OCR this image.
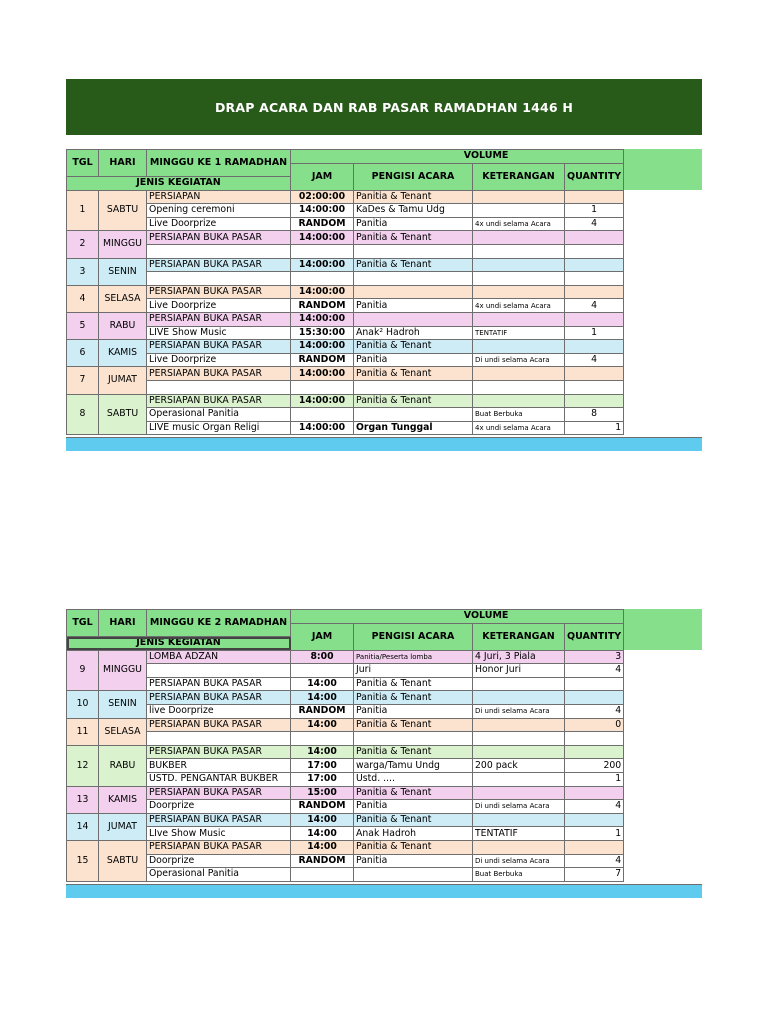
DRAP ACARA DAN RAB PASAR RAMADHAN 1446 H
TGL	HARI	MINGGU KE 1 RAMADHAN	VOLUME			
			JAM	PENGISI ACARA	KETERANGAN	QUANTITY
JENIS KEGIATAN						
1	SABTU	PERSIAPAN	02:00:00	Panitia & Tenant		
		Opening ceremoni	14:00:00	KaDes & Tamu Udg		1
		Live Doorprize	RANDOM	Panitia	4x undi selama Acara	4
2	MINGGU	PERSIAPAN BUKA PASAR	14:00:00	Panitia & Tenant		

3	SENIN	PERSIAPAN BUKA PASAR	14:00:00	Panitia & Tenant		

4	SELASA	PERSIAPAN BUKA PASAR	14:00:00			
		Live Doorprize	RANDOM	Panitia	4x undi selama Acara	4
5	RABU	PERSIAPAN BUKA PASAR	14:00:00			
		LIVE Show Music	15:30:00	Anak² Hadroh	TENTATIF	1
6	KAMIS	PERSIAPAN BUKA PASAR	14:00:00	Panitia & Tenant		
		Live Doorprize	RANDOM	Panitia	Di undi selama Acara	4
7	JUMAT	PERSIAPAN BUKA PASAR	14:00:00	Panitia & Tenant		

8	SABTU	PERSIAPAN BUKA PASAR	14:00:00	Panitia & Tenant		
		Operasional Panitia			Buat Berbuka	8
		LIVE music Organ Religi	14:00:00	Organ Tunggal	4x undi selama Acara	1
TGL	HARI	MINGGU KE 2 RAMADHAN	VOLUME			
			JAM	PENGISI ACARA	KETERANGAN	QUANTITY
JENIS KEGIATAN						
9	MINGGU	LOMBA ADZAN	8:00	Panitia/Peserta lomba	4 Juri, 3 Piala	3
				Juri	Honor Juri	4
		PERSIAPAN BUKA PASAR	14:00	Panitia & Tenant		
10	SENIN	PERSIAPAN BUKA PASAR	14:00	Panitia & Tenant		
		live Doorprize	RANDOM	Panitia	Di undi selama Acara	4
11	SELASA	PERSIAPAN BUKA PASAR	14:00	Panitia & Tenant		0

12	RABU	PERSIAPAN BUKA PASAR	14:00	Panitia & Tenant		
		BUKBER	17:00	warga/Tamu Undg	200 pack	200
		USTD. PENGANTAR BUKBER	17:00	Ustd. ....		1
13	KAMIS	PERSIAPAN BUKA PASAR	15:00	Panitia & Tenant		
		Doorprize	RANDOM	Panitia	Di undi selama Acara	4
14	JUMAT	PERSIAPAN BUKA PASAR	14:00	Panitia & Tenant		
		LIve Show Music	14:00	Anak Hadroh	TENTATIF	1
15	SABTU	PERSIAPAN BUKA PASAR	14:00	Panitia & Tenant		
		Doorprize	RANDOM	Panitia	Di undi selama Acara	4
		Operasional Panitia			Buat Berbuka	7
